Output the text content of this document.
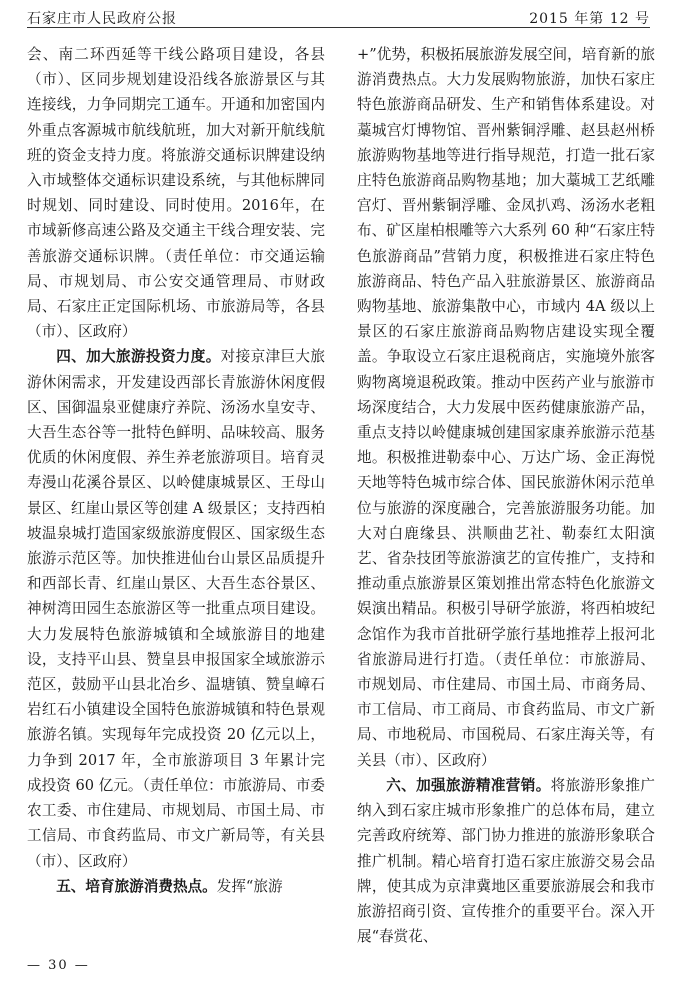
石家庄市人民政府公报	2015 年第 12 号

会、南二环西延等干线公路项目建设，各县（市）、区同步规划建设沿线各旅游景区与其连接线，力争同期完工通车。开通和加密国内外重点客源城市航线航班，加大对新开航线航班的资金支持力度。将旅游交通标识牌建设纳入市域整体交通标识建设系统，与其他标牌同时规划、同时建设、同时使用。2016年，在市域新修高速公路及交通主干线合理安装、完善旅游交通标识牌。（责任单位：市交通运输局、市规划局、市公安交通管理局、市财政局、石家庄正定国际机场、市旅游局等，各县（市）、区政府）

四、加大旅游投资力度。对接京津巨大旅游休闲需求，开发建设西部长青旅游休闲度假区、国御温泉亚健康疗养院、汤汤水皇安寺、大吾生态谷等一批特色鲜明、品味较高、服务优质的休闲度假、养生养老旅游项目。培育灵寿漫山花溪谷景区、以岭健康城景区、王母山景区、红崖山景区等创建 A 级景区；支持西柏坡温泉城打造国家级旅游度假区、国家级生态旅游示范区等。加快推进仙台山景区品质提升和西部长青、红崖山景区、大吾生态谷景区、神树湾田园生态旅游区等一批重点项目建设。大力发展特色旅游城镇和全域旅游目的地建设，支持平山县、赞皇县申报国家全域旅游示范区，鼓励平山县北冶乡、温塘镇、赞皇嶂石岩红石小镇建设全国特色旅游城镇和特色景观旅游名镇。实现每年完成投资 20 亿元以上，力争到 2017 年，全市旅游项目 3 年累计完成投资 60 亿元。（责任单位：市旅游局、市委农工委、市住建局、市规划局、市国土局、市工信局、市食药监局、市文广新局等，有关县（市）、区政府）

五、培育旅游消费热点。发挥“旅游

+”优势，积极拓展旅游发展空间，培育新的旅游消费热点。大力发展购物旅游，加快石家庄特色旅游商品研发、生产和销售体系建设。对藁城宫灯博物馆、晋州紫铜浮雕、赵县赵州桥旅游购物基地等进行指导规范，打造一批石家庄特色旅游商品购物基地；加大藁城工艺纸雕宫灯、晋州紫铜浮雕、金凤扒鸡、汤汤水老粗布、矿区崖柏根雕等六大系列 60 种“石家庄特色旅游商品”营销力度，积极推进石家庄特色旅游商品、特色产品入驻旅游景区、旅游商品购物基地、旅游集散中心，市域内 4A 级以上景区的石家庄旅游商品购物店建设实现全覆盖。争取设立石家庄退税商店，实施境外旅客购物离境退税政策。推动中医药产业与旅游市场深度结合，大力发展中医药健康旅游产品，重点支持以岭健康城创建国家康养旅游示范基地。积极推进勒泰中心、万达广场、金正海悦天地等特色城市综合体、国民旅游休闲示范单位与旅游的深度融合，完善旅游服务功能。加大对白鹿缘县、洪顺曲艺社、勒泰红太阳演艺、省杂技团等旅游演艺的宣传推广，支持和推动重点旅游景区策划推出常态特色化旅游文娱演出精品。积极引导研学旅游，将西柏坡纪念馆作为我市首批研学旅行基地推荐上报河北省旅游局进行打造。（责任单位：市旅游局、市规划局、市住建局、市国土局、市商务局、市工信局、市工商局、市食药监局、市文广新局、市地税局、市国税局、石家庄海关等，有关县（市）、区政府）

六、加强旅游精准营销。将旅游形象推广纳入到石家庄城市形象推广的总体布局，建立完善政府统筹、部门协力推进的旅游形象联合推广机制。精心培育打造石家庄旅游交易会品牌，使其成为京津冀地区重要旅游展会和我市旅游招商引资、宣传推介的重要平台。深入开展“春赏花、

— 30 —
